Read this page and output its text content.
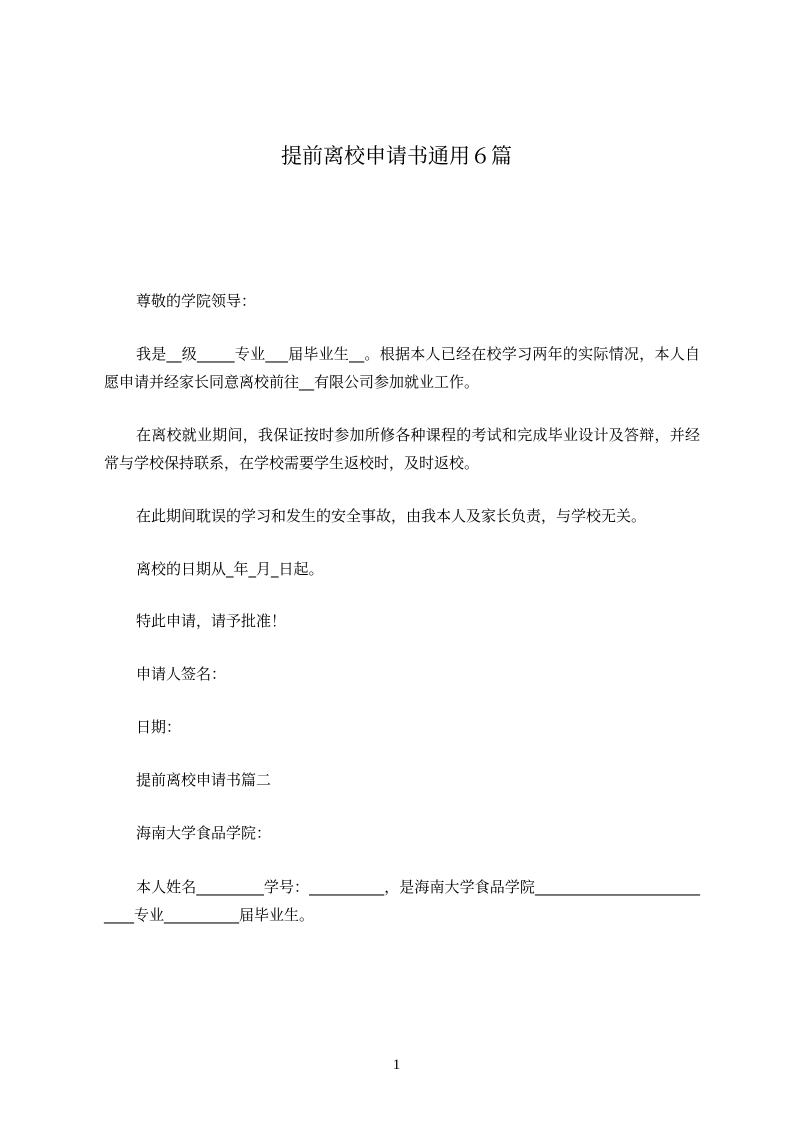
提前离校申请书通用６篇

尊敬的学院领导：

我是__级_____专业___届毕业生__。根据本人已经在校学习两年的实际情况，本人自愿申请并经家长同意离校前往__有限公司参加就业工作。

在离校就业期间，我保证按时参加所修各种课程的考试和完成毕业设计及答辩，并经常与学校保持联系，在学校需要学生返校时，及时返校。

在此期间耽误的学习和发生的安全事故，由我本人及家长负责，与学校无关。

离校的日期从_年_月_日起。

特此申请，请予批准！

申请人签名：

日期：

提前离校申请书篇二

海南大学食品学院：

本人姓名_________学号：__________，是海南大学食品学院__________________________专业__________届毕业生。

1
